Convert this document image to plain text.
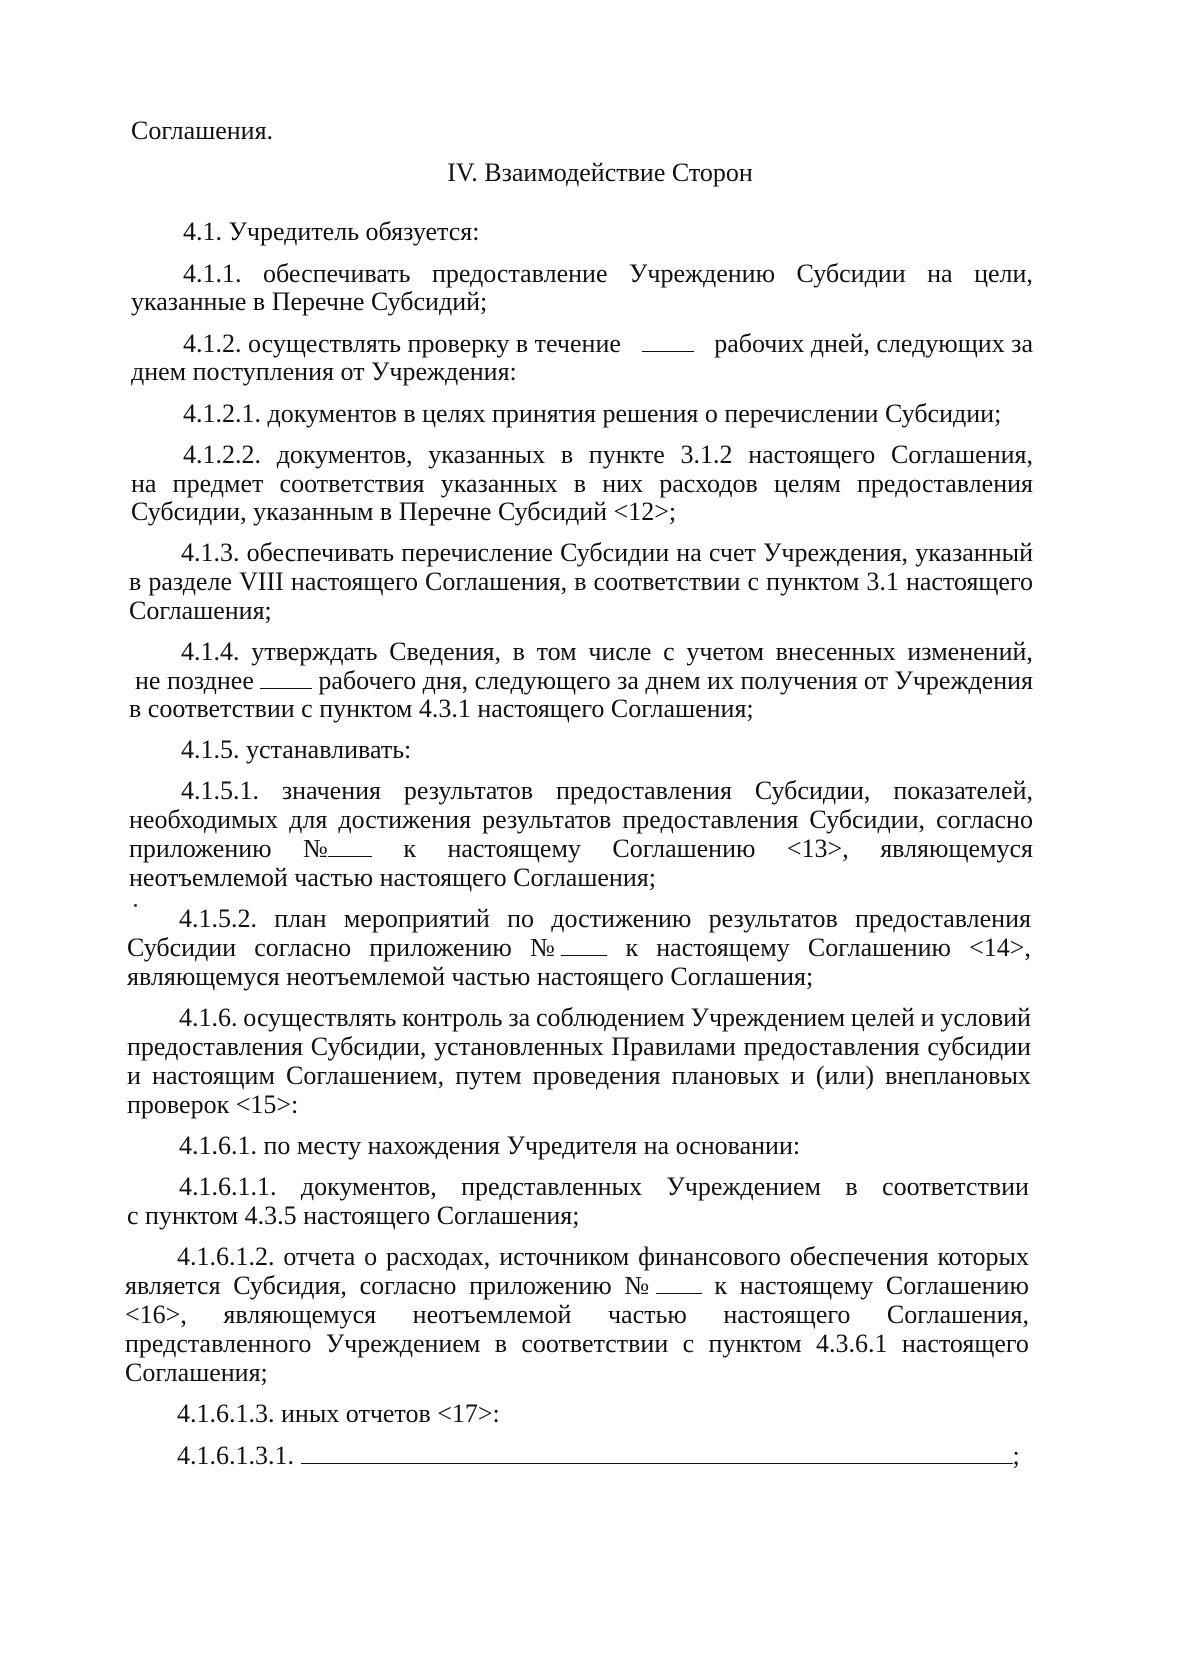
Соглашения.
IV. Взаимодействие Сторон
4.1. Учредитель обязуется:
4.1.1. обеспечивать предоставление Учреждению Субсидии на цели,
указанные в Перечне Субсидий;
4.1.2. осуществлять проверку в течение	рабочих дней, следующих за
днем поступления от Учреждения:
4.1.2.1. документов в целях принятия решения о перечислении Субсидии;
4.1.2.2. документов, указанных в пункте 3.1.2 настоящего Соглашения,
на предмет соответствия указанных в них расходов целям предоставления
Субсидии, указанным в Перечне Субсидий <12>;
4.1.3. обеспечивать перечисление Субсидии на счет Учреждения, указанный
в разделе VIII настоящего Соглашения, в соответствии с пунктом 3.1 настоящего
Соглашения;
4.1.4. утверждать Сведения, в том числе с учетом внесенных изменений,
не позднее рабочего дня, следующего за днем их получения от Учреждения
в соответствии с пунктом 4.3.1 настоящего Соглашения;
4.1.5. устанавливать:
4.1.5.1. значения результатов предоставления Субсидии, показателей,
необходимых для достижения результатов предоставления Субсидии, согласно
приложению №	к настоящему Соглашению <13>, являющемуся
неотъемлемой частью настоящего Соглашения;
4.1.5.2. план мероприятий по достижению результатов предоставления
Субсидии согласно приложению №	к настоящему Соглашению <14>,
являющемуся неотъемлемой частью настоящего Соглашения;
4.1.6. осуществлять контроль за соблюдением Учреждением целей и условий
предоставления Субсидии, установленных Правилами предоставления субсидии
и настоящим Соглашением, путем проведения плановых и (или) внеплановых
проверок <15>:
4.1.6.1. по месту нахождения Учредителя на основании:
4.1.6.1.1. документов, представленных Учреждением в соответствии
с пунктом 4.3.5 настоящего Соглашения;
4.1.6.1.2. отчета о расходах, источником финансового обеспечения которых
является Субсидия, согласно приложению №	к настоящему Соглашению
<16>, являющемуся неотъемлемой частью настоящего Соглашения,
представленного Учреждением в соответствии с пунктом 4.3.6.1 настоящего
Соглашения;
4.1.6.1.3. иных отчетов <17>:
4.1.6.1.3.1.	;
